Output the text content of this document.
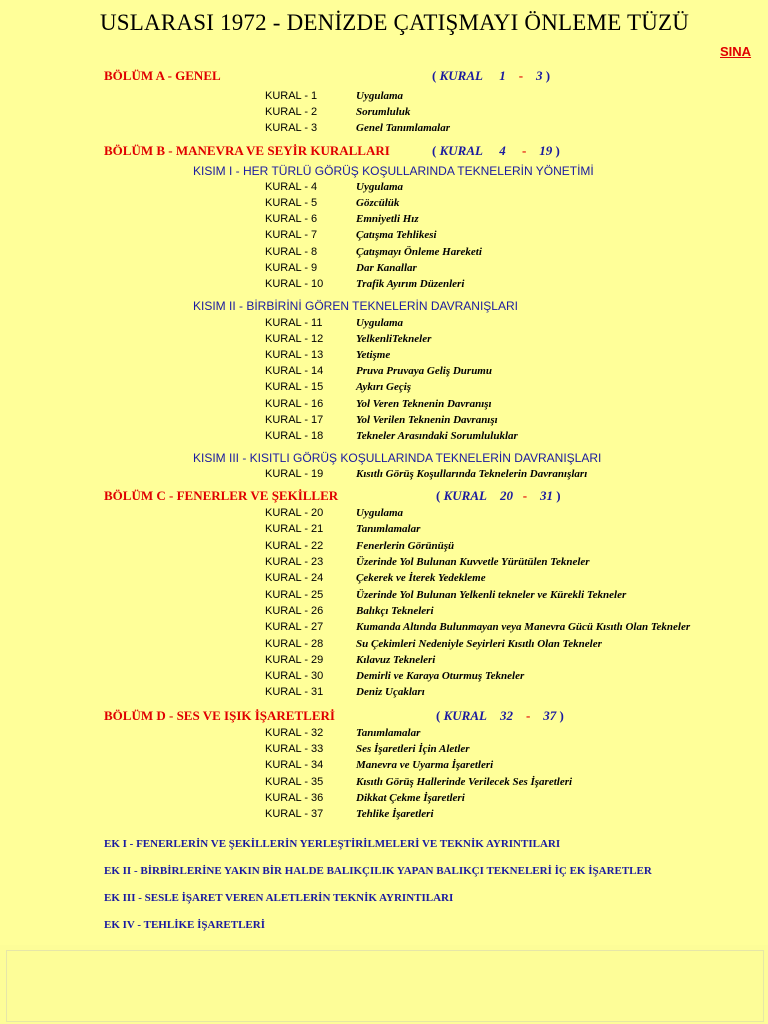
USLARASI 1972 - DENİZDE ÇATIŞMAYI ÖNLEME TÜZÜ
SINA
BÖLÜM A - GENEL	( KURAL 1 - 3 )
KURAL - 1	Uygulama
KURAL - 2	Sorumluluk
KURAL - 3	Genel Tanımlamalar
BÖLÜM B - MANEVRA VE SEYİR KURALLARI	( KURAL 4 - 19 )
KISIM I - HER TÜRLÜ GÖRÜŞ KOŞULLARINDA TEKNELERİN YÖNETİMİ
KURAL - 4	Uygulama
KURAL - 5	Gözcülük
KURAL - 6	Emniyetli Hız
KURAL - 7	Çatışma Tehlikesi
KURAL - 8	Çatışmayı Önleme Hareketi
KURAL - 9	Dar Kanallar
KURAL - 10	Trafik Ayırım Düzenleri
KISIM II - BİRBİRİNİ GÖREN TEKNELERİN DAVRANIŞLARI
KURAL - 11	Uygulama
KURAL - 12	YelkenliTekneler
KURAL - 13	Yetişme
KURAL - 14	Pruva Pruvaya Geliş Durumu
KURAL - 15	Aykırı Geçiş
KURAL - 16	Yol Veren Teknenin Davranışı
KURAL - 17	Yol Verilen Teknenin Davranışı
KURAL - 18	Tekneler Arasındaki Sorumluluklar
KISIM III - KISITLI GÖRÜŞ KOŞULLARINDA TEKNELERİN DAVRANIŞLARI
KURAL - 19	Kısıtlı Görüş Koşullarında Teknelerin Davranışları
BÖLÜM C - FENERLER VE ŞEKİLLER	( KURAL 20 - 31 )
KURAL - 20	Uygulama
KURAL - 21	Tanımlamalar
KURAL - 22	Fenerlerin Görünüşü
KURAL - 23	Üzerinde Yol Bulunan Kuvvetle Yürütülen Tekneler
KURAL - 24	Çekerek ve İterek Yedekleme
KURAL - 25	Üzerinde Yol Bulunan Yelkenli tekneler ve Kürekli Tekneler
KURAL - 26	Balıkçı Tekneleri
KURAL - 27	Kumanda Altında Bulunmayan veya Manevra Gücü Kısıtlı Olan Tekneler
KURAL - 28	Su Çekimleri Nedeniyle Seyirleri Kısıtlı Olan Tekneler
KURAL - 29	Kılavuz Tekneleri
KURAL - 30	Demirli ve Karaya Oturmuş Tekneler
KURAL - 31	Deniz Uçakları
BÖLÜM D - SES VE IŞIK İŞARETLERİ	( KURAL 32 - 37 )
KURAL - 32	Tanımlamalar
KURAL - 33	Ses İşaretleri İçin Aletler
KURAL - 34	Manevra ve Uyarma İşaretleri
KURAL - 35	Kısıtlı Görüş Hallerinde Verilecek Ses İşaretleri
KURAL - 36	Dikkat Çekme İşaretleri
KURAL - 37	Tehlike İşaretleri
EK I - FENERLERİN VE ŞEKİLLERİN YERLEŞTİRİLMELERİ VE TEKNİK AYRINTILARI
EK II - BİRBİRLERİNE YAKIN BİR HALDE BALIKÇILIK YAPAN BALIKÇI TEKNELERİ İÇ EK İŞARETLER
EK III - SESLE İŞARET VEREN ALETLERİN TEKNİK AYRINTILARI
EK IV - TEHLİKE İŞARETLERİ
